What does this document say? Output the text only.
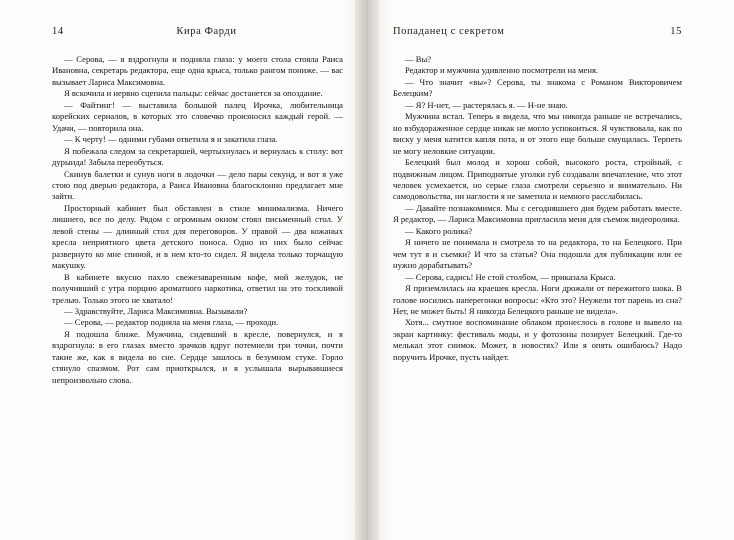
14	Кира Фарди

— Серова, — я вздрогнула и подняла глаза: у моего стола стояла Раиса Ивановна, секретарь редактора, еще одна крыса, только рангом пониже. — вас вызывает Лариса Максимовна.

Я вскочила и нервно сцепила пальцы: сейчас достанется за опоздание.

— Файтинг! — выставила большой палец Ирочка, любительница корейских сериалов, в которых это словечко произносил каждый герой. — Удачи, — повторила она.

— К черту! — одними губами ответила я и закатила глаза.

Я побежала следом за секретаршей, чертыхнулась и вернулась к столу: вот дурында! Забыла переобуться.

Скинув балетки и сунув ноги в лодочки — дело пары секунд, и вот я уже стою под дверью редактора, а Раиса Ивановна благосклонно предлагает мне зайти.

Просторный кабинет был обставлен в стиле минимализма. Ничего лишнего, все по делу. Рядом с огромным окном стоял письменный стол. У левой стены — длинный стол для переговоров. У правой — два кожаных кресла неприятного цвета детского поноса. Одно из них было сейчас развернуто ко мне спиной, и в нем кто-то сидел. Я видела только торчащую макушку.

В кабинете вкусно пахло свежезаваренным кофе, мой желудок, не получивший с утра порцию ароматного наркотика, ответил на это тоскливой трелью. Только этого не хватало!

— Здравствуйте, Лариса Максимовна. Вызывали?

— Серова, — редактор подняла на меня глаза, — проходи.

Я подошла ближе. Мужчина, сидевший в кресле, повернулся, и я вздрогнула: в его глазах вместо зрачков вдруг потемнели три точки, почти такие же, как я видела во сне. Сердце зашлось в безумном стуке. Горло стянуло спазмом. Рот сам приоткрылся, и я услышала вырывавшиеся непроизвольно слова.

Попаданец с секретом	15

— Вы?

Редактор и мужчина удивленно посмотрели на меня.

— Что значит «вы»? Серова, ты знакома с Романом Викторовичем Белецким?

— Я? Н-нет, — растерялась я. — Н-не знаю.

Мужчина встал. Теперь я видела, что мы никогда раньше не встречались, но взбудораженное сердце никак не могло успокоиться. Я чувствовала, как по виску у меня катится капля пота, и от этого еще больше смущалась. Терпеть не могу неловкие ситуации.

Белецкий был молод и хорош собой, высокого роста, стройный, с подвижным лицом. Приподнятые уголки губ создавали впечатление, что этот человек усмехается, но серые глаза смотрели серьезно и внимательно. Ни самодовольства, ни наглости я не заметила и немного расслабилась.

— Давайте познакомимся. Мы с сегодняшнего дня будем работать вместе. Я редактор, — Лариса Максимовна пригласила меня для съемок видеоролика.

— Какого ролика?

Я ничего не понимала и смотрела то на редактора, то на Белецкого. При чем тут я и съемки? И что за статья? Она подошла для публикации или ее нужно дорабатывать?

— Серова, садись! Не стой столбом, — приказала Крыса.

Я приземлилась на краешек кресла. Ноги дрожали от пережитого шока. В голове носились наперегонки вопросы: «Кто это? Неужели тот парень из сна? Нет, не может быть! Я никогда Белецкого раньше не видела».

Хотя... смутное воспоминание облаком пронеслось в голове и вывело на экран картинку: фестиваль моды, и у фотозоны позирует Белецкий. Где-то мелькал этот снимок. Может, в новостях? Или я опять ошибаюсь? Надо поручить Ирочке, пусть найдет.
